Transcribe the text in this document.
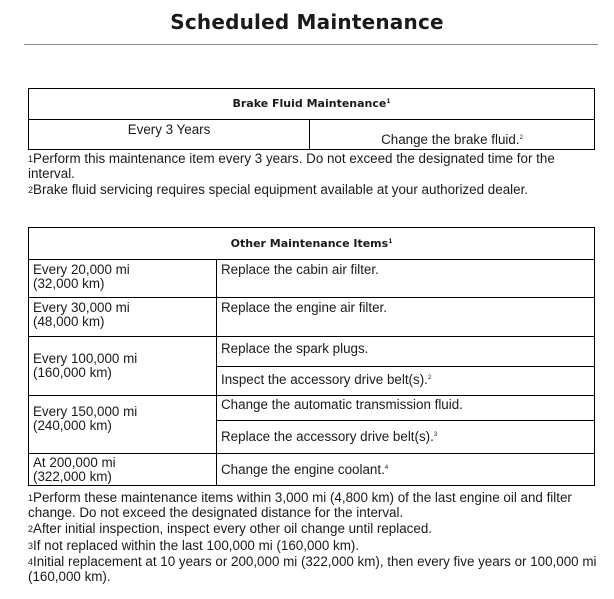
Scheduled Maintenance
Brake Fluid Maintenance$^1$
Every 3 Years	Change the brake fluid.$^2$

$^1$Perform this maintenance item every 3 years. Do not exceed the designated time for the interval.

$^2$Brake fluid servicing requires special equipment available at your authorized dealer.

Other Maintenance Items$^1$
Every 20,000 mi
(32,000 km)	Replace the cabin air filter.
Every 30,000 mi
(48,000 km)	Replace the engine air filter.
Every 100,000 mi
(160,000 km)	Replace the spark plugs.
	Inspect the accessory drive belt(s).$^2$
Every 150,000 mi
(240,000 km)	Change the automatic transmission fluid.
	Replace the accessory drive belt(s).$^3$
At 200,000 mi
(322,000 km)	Change the engine coolant.$^4$

$^1$Perform these maintenance items within 3,000 mi (4,800 km) of the last engine oil and filter change. Do not exceed the designated distance for the interval.

$^2$After initial inspection, inspect every other oil change until replaced.

$^3$If not replaced within the last 100,000 mi (160,000 km).

$^4$Initial replacement at 10 years or 200,000 mi (322,000 km), then every five years or 100,000 mi (160,000 km).
